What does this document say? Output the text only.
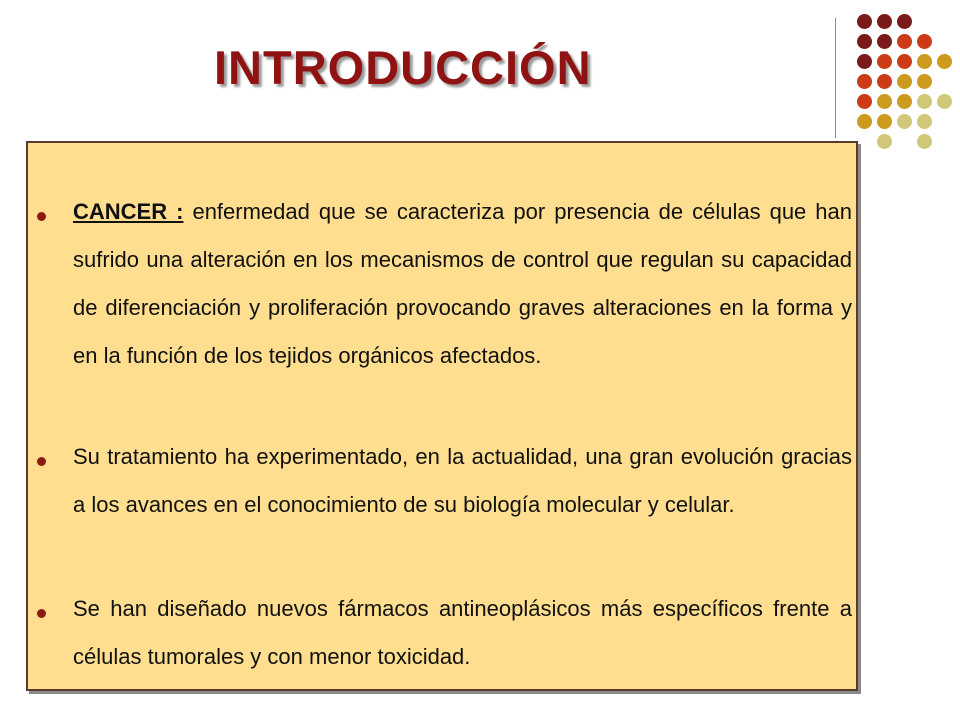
INTRODUCCIÓN

CANCER : enfermedad que se caracteriza por presencia de células que han sufrido una alteración en los mecanismos de control que regulan su capacidad de diferenciación y proliferación provocando graves alteraciones en la forma y en la función de los tejidos orgánicos afectados.

Su tratamiento ha experimentado, en la actualidad, una gran evolución gracias a los avances en el conocimiento de su biología molecular y celular.

Se han diseñado nuevos fármacos antineoplásicos más específicos frente a células tumorales y con menor toxicidad.
